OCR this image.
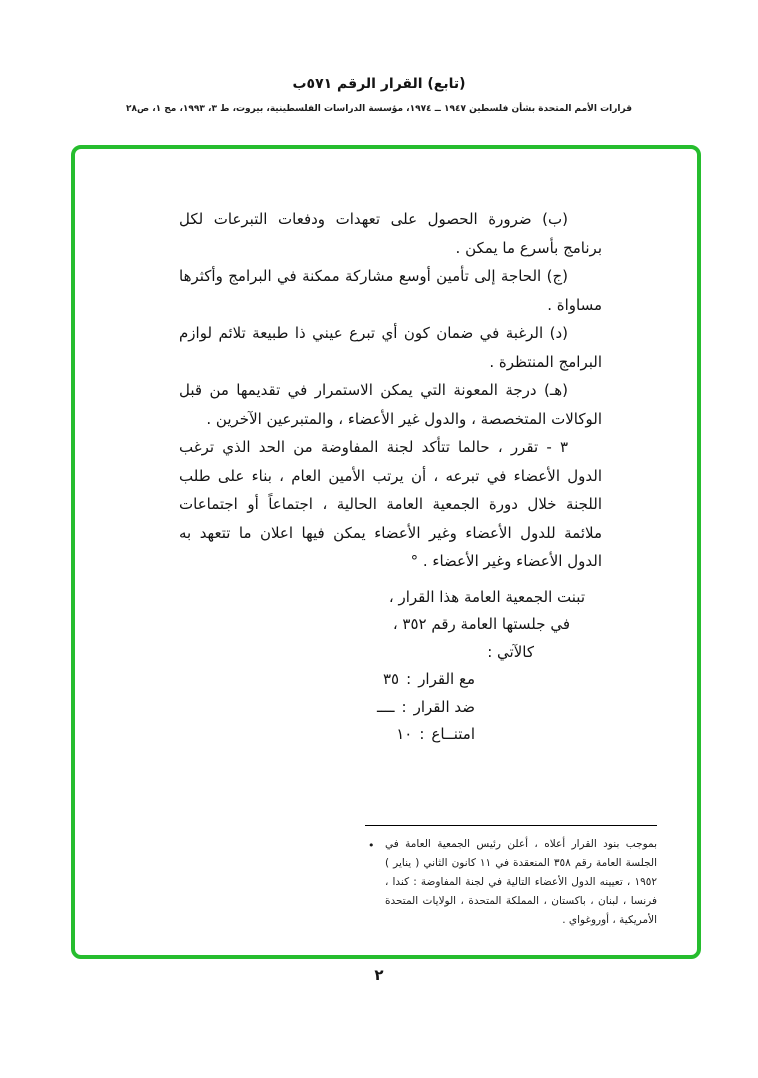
(تابع) القرار الرقم ٥٧١ب
قرارات الأمم المتحدة بشأن فلسطين ١٩٤٧ ــ ١٩٧٤، مؤسسة الدراسات الفلسطينية، بيروت، ط ٣، ١٩٩٣، مج ١، ص٢٨

(ب) ضرورة الحصول على تعهدات ودفعات التبرعات لكل برنامج بأسرع ما يمكن .

(ج) الحاجة إلى تأمين أوسع مشاركة ممكنة في البرامج وأكثرها مساواة .

(د) الرغبة في ضمان كون أي تبرع عيني ذا طبيعة تلائم لوازم البرامج المنتظرة .

(هـ) درجة المعونة التي يمكن الاستمرار في تقديمها من قبل الوكالات المتخصصة ، والدول غير الأعضاء ، والمتبرعين الآخرين .

٣ - تقرر ، حالما تتأكد لجنة المفاوضة من الحد الذي ترغب الدول الأعضاء في تبرعه ، أن يرتب الأمين العام ، بناء على طلب اللجنة خلال دورة الجمعية العامة الحالية ، اجتماعاً أو اجتماعات ملائمة للدول الأعضاء وغير الأعضاء يمكن فيها اعلان ما تتعهد به الدول الأعضاء وغير الأعضاء . °

تبنت الجمعية العامة هذا القرار ،

في جلستها العامة رقم ٣٥٢ ،

كالآتي :

مع القرار:٣٥
ضد القرار:ــــ
امتنــاع:١٠
• بموجب بنود القرار أعلاه ، أعلن رئيس الجمعية العامة في الجلسة العامة رقم ٣٥٨ المنعقدة في ١١ كانون الثاني ( يناير ) ١٩٥٢ ، تعيينه الدول الأعضاء التالية في لجنة المفاوضة : كندا ، فرنسا ، لبنان ، باكستان ، المملكة المتحدة ، الولايات المتحدة الأمريكية ، أوروغواي .
٢
